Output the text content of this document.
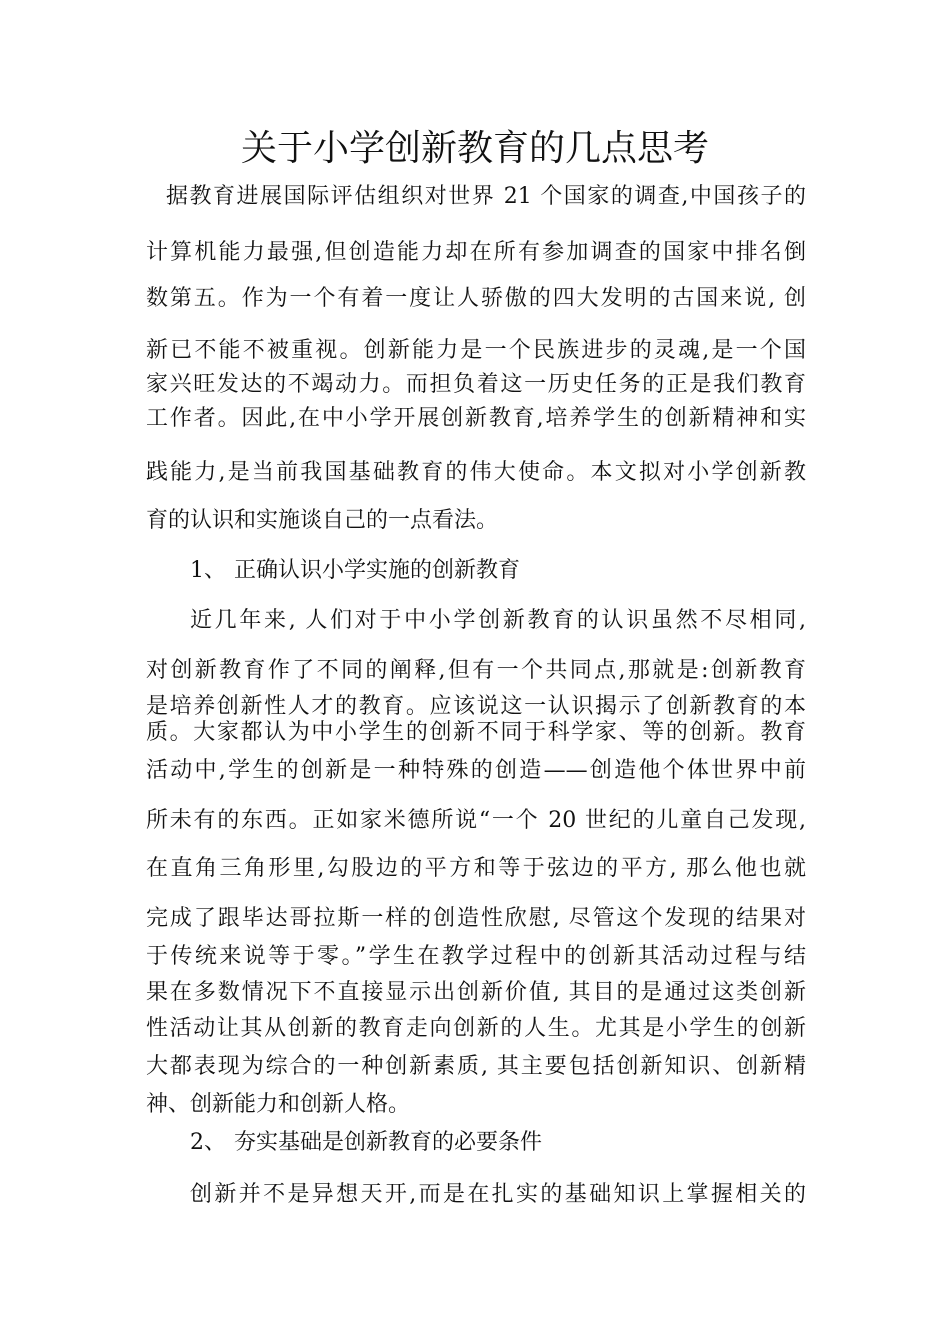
关于小学创新教育的几点思考
据教育进展国际评估组织对世界 21 个国家的调查,中国孩子的
计算机能力最强,但创造能力却在所有参加调查的国家中排名倒
数第五。作为一个有着一度让人骄傲的四大发明的古国来说, 创
新已不能不被重视。创新能力是一个民族进步的灵魂,是一个国
家兴旺发达的不竭动力。而担负着这一历史任务的正是我们教育
工作者。因此,在中小学开展创新教育,培养学生的创新精神和实
践能力,是当前我国基础教育的伟大使命。本文拟对小学创新教
育的认识和实施谈自己的一点看法。
1、 正确认识小学实施的创新教育
近几年来, 人们对于中小学创新教育的认识虽然不尽相同,
对创新教育作了不同的阐释,但有一个共同点,那就是:创新教育
是培养创新性人才的教育。应该说这一认识揭示了创新教育的本
质。大家都认为中小学生的创新不同于科学家、等的创新。教育
活动中,学生的创新是一种特殊的创造——创造他个体世界中前
所未有的东西。正如家米德所说“一个 20 世纪的儿童自己发现,
在直角三角形里,勾股边的平方和等于弦边的平方, 那么他也就
完成了跟毕达哥拉斯一样的创造性欣慰, 尽管这个发现的结果对
于传统来说等于零。”学生在教学过程中的创新其活动过程与结
果在多数情况下不直接显示出创新价值, 其目的是通过这类创新
性活动让其从创新的教育走向创新的人生。尤其是小学生的创新
大都表现为综合的一种创新素质, 其主要包括创新知识、创新精
神、创新能力和创新人格。
2、 夯实基础是创新教育的必要条件
创新并不是异想天开,而是在扎实的基础知识上掌握相关的
